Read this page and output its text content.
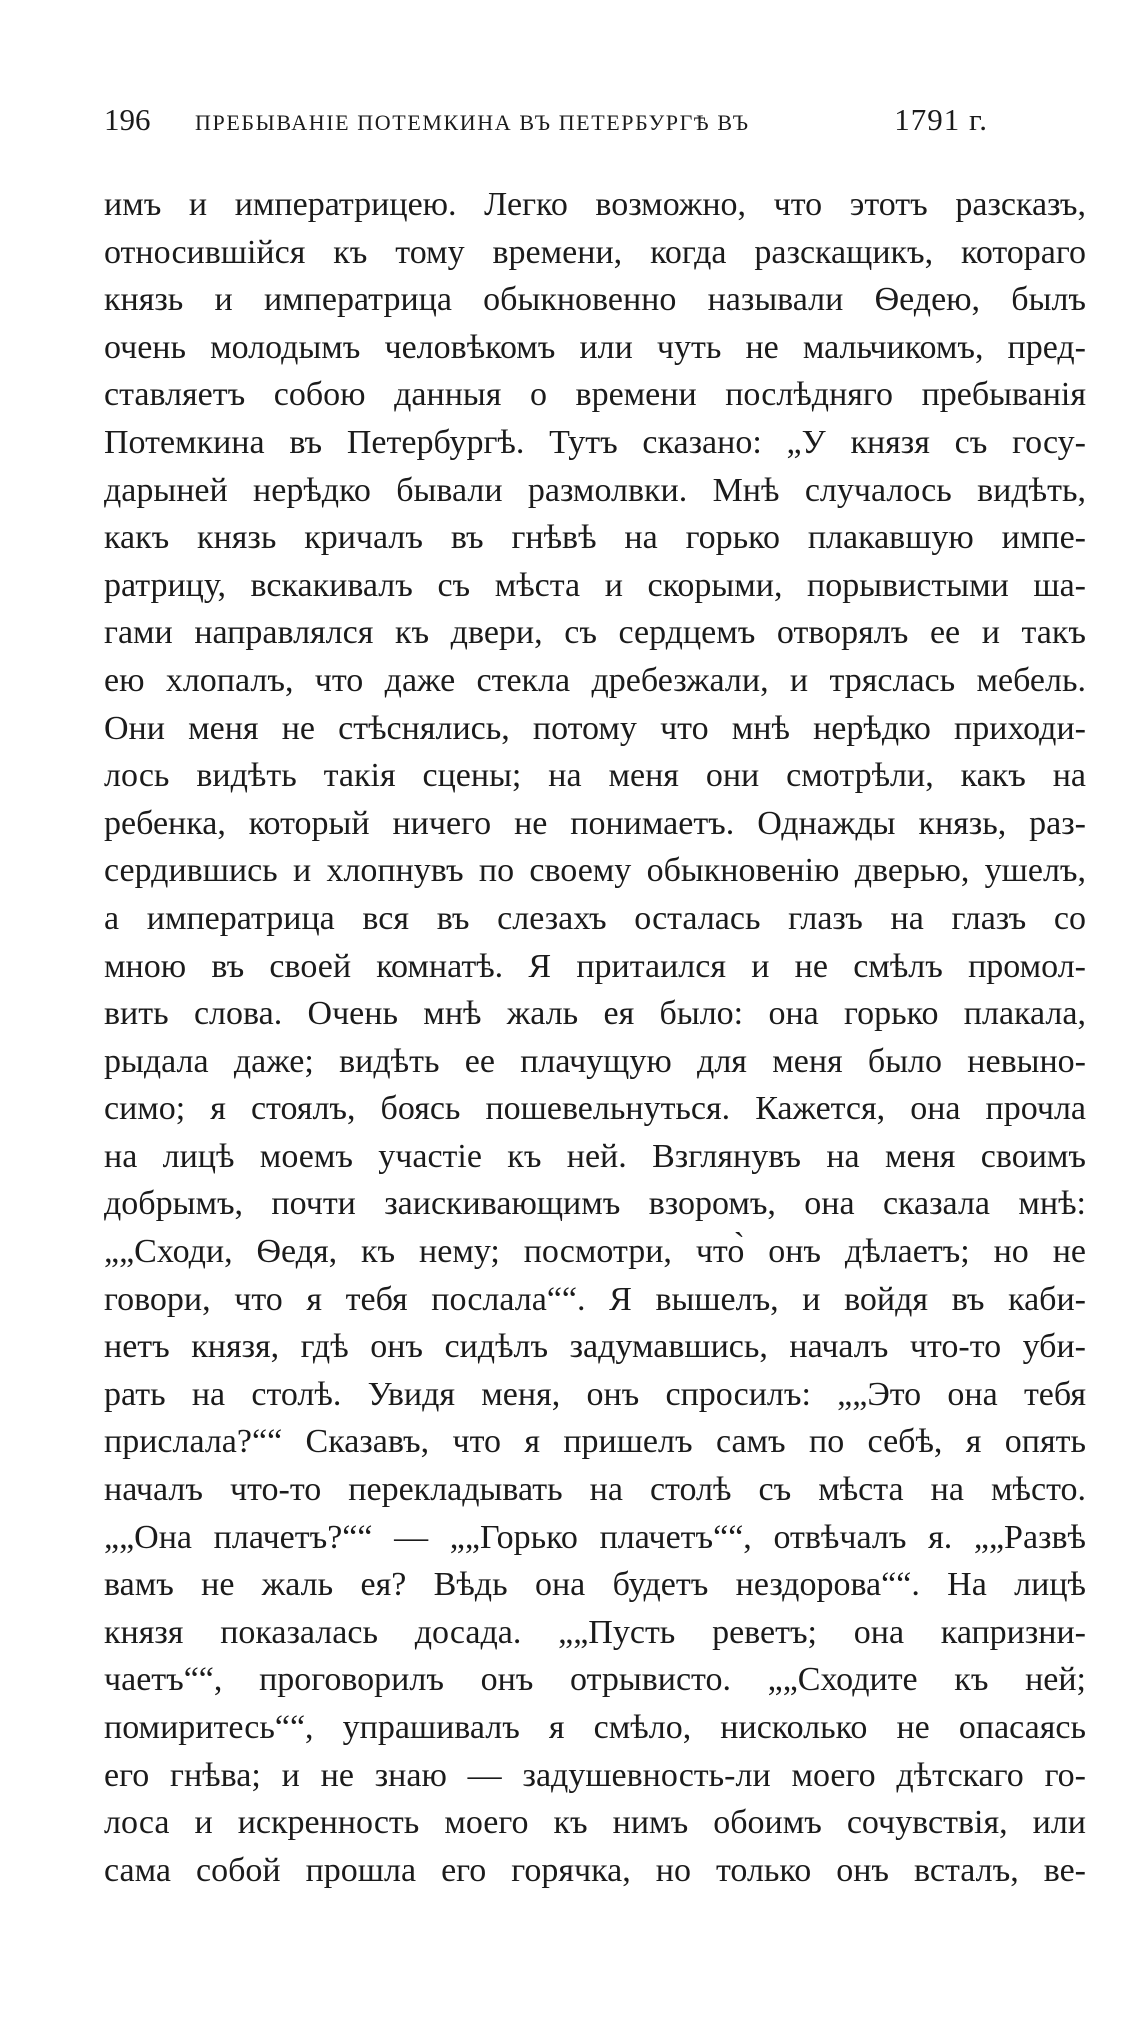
196 ПРЕБЫВАНІЕ ПОТЕМКИНА ВЪ ПЕТЕРБУРГѢ ВЪ	1791 г.
имъ и императрицею. Легко возможно, что этотъ разсказъ,
относившійся къ тому времени, когда разскащикъ, котораго
князь и императрица обыкновенно называли Ѳедею, былъ
очень молодымъ человѣкомъ или чуть не мальчикомъ, пред-
ставляетъ собою данныя о времени послѣдняго пребыванія
Потемкина въ Петербургѣ. Тутъ сказано: „У князя съ госу-
дарыней нерѣдко бывали размолвки. Мнѣ случалось видѣть,
какъ князь кричалъ въ гнѣвѣ на горько плакавшую импе-
ратрицу, вскакивалъ съ мѣста и скорыми, порывистыми ша-
гами направлялся къ двери, съ сердцемъ отворялъ ее и такъ
ею хлопалъ, что даже стекла дребезжали, и тряслась мебель.
Они меня не стѣснялись, потому что мнѣ нерѣдко приходи-
лось видѣть такія сцены; на меня они смотрѣли, какъ на
ребенка, который ничего не понимаетъ. Однажды князь, раз-
сердившись и хлопнувъ по своему обыкновенію дверью, ушелъ,
а императрица вся въ слезахъ осталась глазъ на глазъ со
мною въ своей комнатѣ. Я притаился и не смѣлъ промол-
вить слова. Очень мнѣ жаль ея было: она горько плакала,
рыдала даже; видѣть ее плачущую для меня было невыно-
симо; я стоялъ, боясь пошевельнуться. Кажется, она прочла
на лицѣ моемъ участіе къ ней. Взглянувъ на меня своимъ
добрымъ, почти заискивающимъ взоромъ, она сказала мнѣ:
„„Сходи, Ѳедя, къ нему; посмотри, что̀ онъ дѣлаетъ; но не
говори, что я тебя послала““. Я вышелъ, и войдя въ каби-
нетъ князя, гдѣ онъ сидѣлъ задумавшись, началъ что-то уби-
рать на столѣ. Увидя меня, онъ спросилъ: „„Это она тебя
прислала?““ Сказавъ, что я пришелъ самъ по себѣ, я опять
началъ что-то перекладывать на столѣ съ мѣста на мѣсто.
„„Она плачетъ?““ — „„Горько плачетъ““, отвѣчалъ я. „„Развѣ
вамъ не жаль ея? Вѣдь она будетъ нездорова““. На лицѣ
князя показалась досада. „„Пусть реветъ; она капризни-
чаетъ““, проговорилъ онъ отрывисто. „„Сходите къ ней;
помиритесь““, упрашивалъ я смѣло, нисколько не опасаясь
его гнѣва; и не знаю — задушевность-ли моего дѣтскаго го-
лоса и искренность моего къ нимъ обоимъ сочувствія, или
сама собой прошла его горячка, но только онъ всталъ, ве-
